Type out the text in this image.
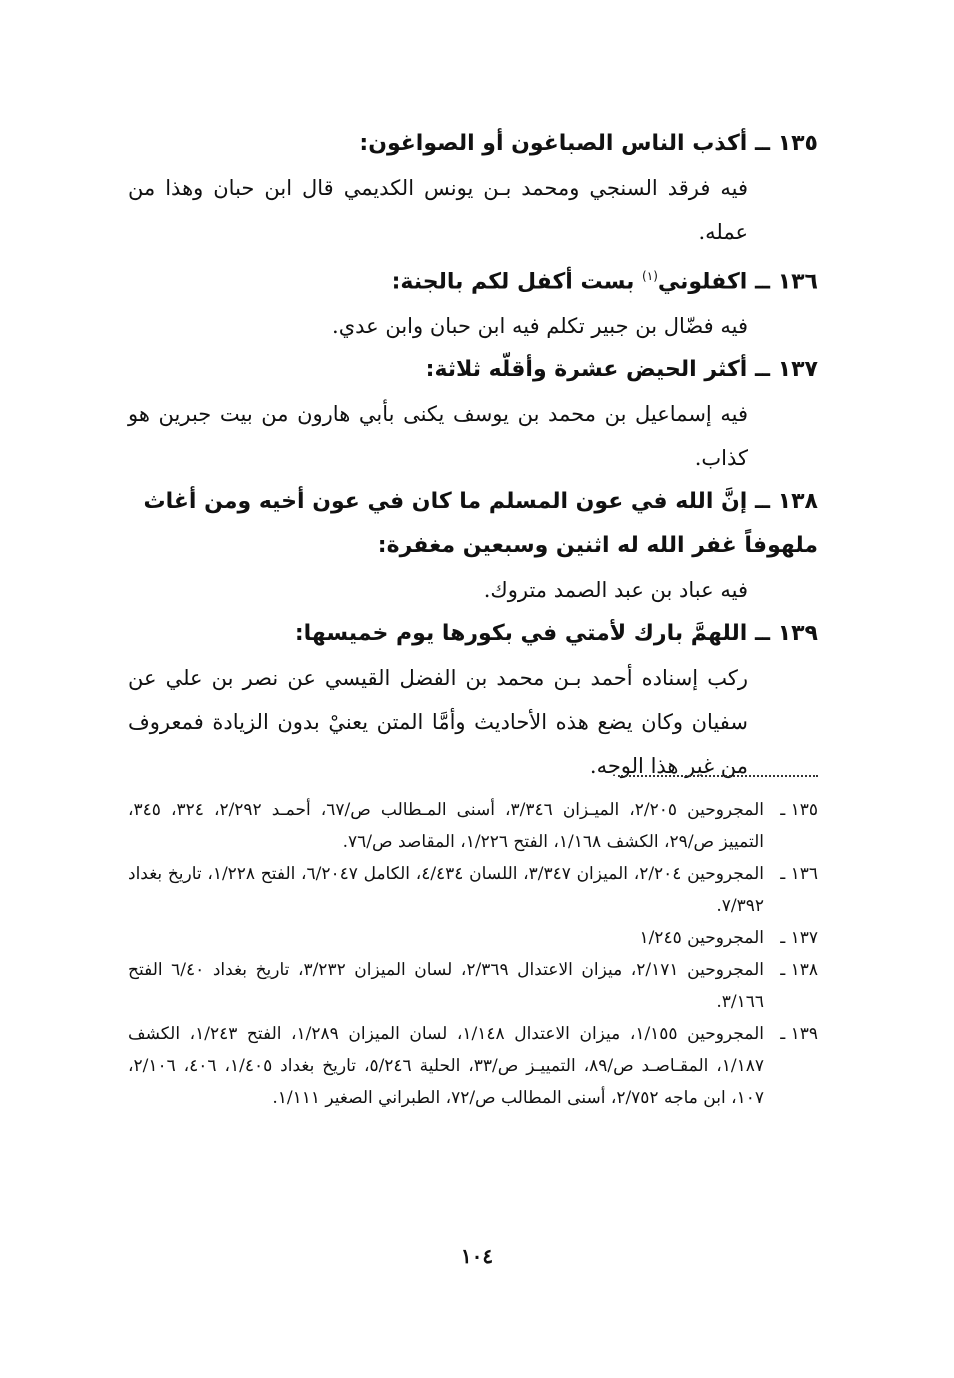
١٣٥ ــ أكذب الناس الصباغون أو الصواغون:
فيه فرقد السنجي ومحمد بـن يونس الكديمي قال ابن حبان وهذا من عمله.
١٣٦ ــ اكفلوني$^{(١)}$ بست أكفل لكم بالجنة:
فيه فضّال بن جبير تكلم فيه ابن حبان وابن عدي.
١٣٧ ــ أكثر الحيض عشرة وأقلّه ثلاثة:
فيه إسماعيل بن محمد بن يوسف يكنى بأبي هارون من بيت جبرين هو كذاب.
١٣٨ ــ إنَّ الله في عون المسلم ما كان في عون أخيه ومن أغاث ملهوفاً غفر الله له اثنين وسبعين مغفرة:
فيه عباد بن عبد الصمد متروك.
١٣٩ ــ اللهمَّ بارك لأمتي في بكورها يوم خميسها:
ركب إسناده أحمد بـن محمد بن الفضل القيسي عن نصر بن علي عن سفيان وكان يضع هذه الأحاديث وأمَّا المتن يعنيْ بدون الزيادة فمعروف من غير هذا الوجه.
١٣٥ ـ
المجروحين ٢/٢٠٥، الميـزان ٣/٣٤٦، أسنى المـطالب ص/٦٧، أحمـد ٢/٢٩٢، ٣٢٤، ٣٤٥، التمييز ص/٢٩، الكشف ١/١٦٨، الفتح ١/٢٢٦، المقاصد ص/٧٦.
١٣٦ ـ
المجروحين ٢/٢٠٤، الميزان ٣/٣٤٧، اللسان ٤/٤٣٤، الكامل ٦/٢٠٤٧، الفتح ١/٢٢٨، تاريخ بغداد ٧/٣٩٢.
١٣٧ ـ
المجروحين ١/٢٤٥
١٣٨ ـ
المجروحين ٢/١٧١، ميزان الاعتدال ٢/٣٦٩، لسان الميزان ٣/٢٣٢، تاريخ بغداد ٦/٤٠ الفتح ٣/١٦٦.
١٣٩ ـ
المجروحين ١/١٥٥، ميزان الاعتدال ١/١٤٨، لسان الميزان ١/٢٨٩، الفتح ١/٢٤٣، الكشف ١/١٨٧، المقـاصـد ص/٨٩، التمييـز ص/٣٣، الحلية ٥/٢٤٦، تاريخ بغداد ١/٤٠٥، ٤٠٦، ٢/١٠٦، ١٠٧، ابن ماجه ٢/٧٥٢، أسنى المطالب ص/٧٢، الطبراني الصغير ١/١١١.
١٠٤
